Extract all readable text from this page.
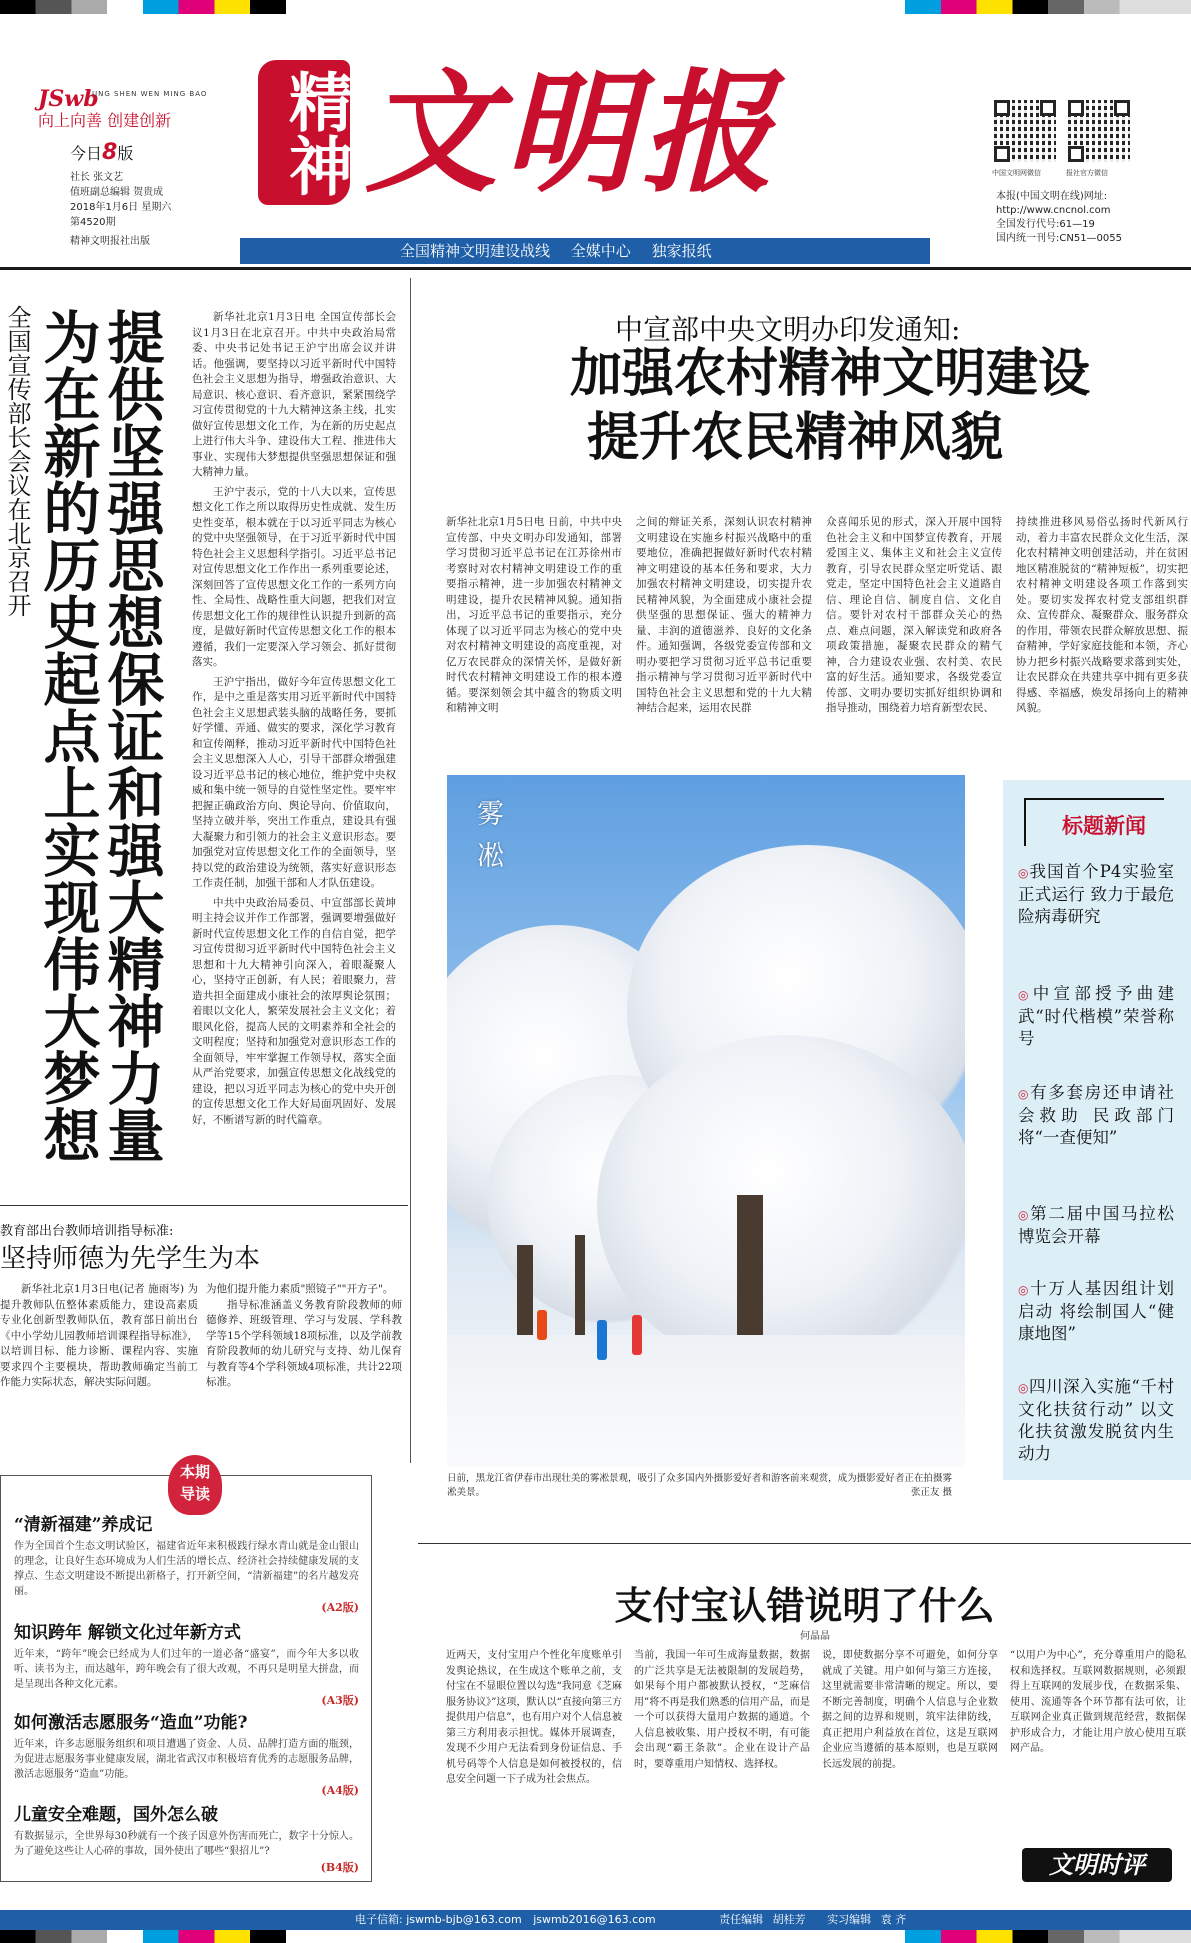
JSwb
JING SHEN WEN MING BAO
向上向善 创建创新
今日8版
社长 张文艺
值班副总编辑 贺贵成
2018年1月6日 星期六
第4520期
精神文明报社出版
精神 文明报	中国文明网微信	报社官方微信
本报(中国文明在线)网址:
http://www.cncnol.com
全国发行代号:61—19
国内统一刊号:CN51—0055
全国精神文明建设战线 全媒中心 独家报纸
全国宣传部长会议在北京召开 为在新的历史起点上实现伟大梦想
提供坚强思想保证和强大精神力量	新华社北京1月3日电 全国宣传部长会议1月3日在北京召开。中共中央政治局常委、中央书记处书记王沪宁出席会议并讲话。他强调，要坚持以习近平新时代中国特色社会主义思想为指导，增强政治意识、大局意识、核心意识、看齐意识，紧紧围绕学习宣传贯彻党的十九大精神这条主线，扎实做好宣传思想文化工作，为在新的历史起点上进行伟大斗争、建设伟大工程、推进伟大事业、实现伟大梦想提供坚强思想保证和强大精神力量。

王沪宁表示，党的十八大以来，宣传思想文化工作之所以取得历史性成就、发生历史性变革，根本就在于以习近平同志为核心的党中央坚强领导，在于习近平新时代中国特色社会主义思想科学指引。习近平总书记对宣传思想文化工作作出一系列重要论述，深刻回答了宣传思想文化工作的一系列方向性、全局性、战略性重大问题，把我们对宣传思想文化工作的规律性认识提升到新的高度，是做好新时代宣传思想文化工作的根本遵循，我们一定要深入学习领会、抓好贯彻落实。

王沪宁指出，做好今年宣传思想文化工作，是中之重是落实用习近平新时代中国特色社会主义思想武装头脑的战略任务，要抓好学懂、弄通、做实的要求，深化学习教育和宣传阐释，推动习近平新时代中国特色社会主义思想深入人心，引导干部群众增强建设习近平总书记的核心地位，维护党中央权威和集中统一领导的自觉性坚定性。要牢牢把握正确政治方向、舆论导向、价值取向，坚持立破并举，突出工作重点，建设具有强大凝聚力和引领力的社会主义意识形态。要加强党对宣传思想文化工作的全面领导，坚持以党的政治建设为统领，落实好意识形态工作责任制，加强干部和人才队伍建设。

中共中央政治局委员、中宣部部长黄坤明主持会议并作工作部署，强调要增强做好新时代宣传思想文化工作的自信自觉，把学习宣传贯彻习近平新时代中国特色社会主义思想和十九大精神引向深入，着眼凝聚人心，坚持守正创新，有人民；着眼聚力，营造共担全面建成小康社会的浓厚舆论氛围；着眼以文化人，繁荣发展社会主义文化；着眼风化俗，提高人民的文明素养和全社会的文明程度；坚持和加强党对意识形态工作的全面领导，牢牢掌握工作领导权，落实全面从严治党要求，加强宣传思想文化战线党的建设，把以习近平同志为核心的党中央开创的宣传思想文化工作大好局面巩固好、发展好，不断谱写新的时代篇章。

教育部出台教师培训指导标准:
坚持师德为先学生为本

新华社北京1月3日电(记者 施雨岑) 为提升教师队伍整体素质能力，建设高素质专业化创新型教师队伍，教育部日前出台《中小学幼儿园教师培训课程指导标准》，以培训目标、能力诊断、课程内容、实施要求四个主要模块，帮助教师确定当前工作能力实际状态，解决实际问题。

为他们提升能力素质"照镜子""开方子"。

指导标准涵盖义务教育阶段教师的师德修养、班级管理、学习与发展、学科教学等15个学科领域18项标准，以及学前教育阶段教师的幼儿研究与支持、幼儿保育与教育等4个学科领域4项标准，共计22项标准。

本期
导读
“清新福建”养成记
作为全国首个生态文明试验区，福建省近年来积极践行绿水青山就是金山银山的理念，让良好生态环境成为人们生活的增长点、经济社会持续健康发展的支撑点、生态文明建设不断提出新格子，打开新空间，“清新福建”的名片越发亮丽。
(A2版)
知识跨年 解锁文化过年新方式
近年来，“跨年”晚会已经成为人们过年的一道必备“盛宴”，而今年大多以收听、读书为主，而达越年，跨年晚会有了很大改观，不再只是明星大拼盘，而是呈现出各种文化元素。
(A3版)
如何激活志愿服务“造血”功能?
近年来，许多志愿服务组织和项目遭遇了资金、人员、品牌打造方面的瓶颈，为促进志愿服务事业健康发展，湖北省武汉市积极培育优秀的志愿服务品牌，激活志愿服务“造血”功能。
(A4版)
儿童安全难题，国外怎么破
有数据显示，全世界每30秒就有一个孩子因意外伤害而死亡，数字十分惊人。为了避免这些让人心碎的事故，国外使出了哪些“狠招儿”?
(B4版)
中宣部中央文明办印发通知:
加强农村精神文明建设
提升农民精神风貌
新华社北京1月5日电 日前，中共中央宣传部、中央文明办印发通知，部署学习贯彻习近平总书记在江苏徐州市考察时对农村精神文明建设工作的重要指示精神，进一步加强农村精神文明建设，提升农民精神风貌。通知指出，习近平总书记的重要指示，充分体现了以习近平同志为核心的党中央对农村精神文明建设的高度重视，对亿万农民群众的深情关怀，是做好新时代农村精神文明建设工作的根本遵循。要深刻领会其中蕴含的物质文明和精神文明
之间的辩证关系，深刻认识农村精神文明建设在实施乡村振兴战略中的重要地位，准确把握做好新时代农村精神文明建设的基本任务和要求，大力加强农村精神文明建设，切实提升农民精神风貌，为全面建成小康社会提供坚强的思想保证、强大的精神力量、丰润的道德滋养、良好的文化条件。通知强调，各级党委宣传部和文明办要把学习贯彻习近平总书记重要指示精神与学习贯彻习近平新时代中国特色社会主义思想和党的十九大精神结合起来，运用农民群
众喜闻乐见的形式，深入开展中国特色社会主义和中国梦宣传教育，开展爱国主义、集体主义和社会主义宣传教育，引导农民群众坚定听党话、跟党走，坚定中国特色社会主义道路自信、理论自信、制度自信、文化自信。要针对农村干部群众关心的热点、难点问题，深入解读党和政府各项政策措施，凝聚农民群众的精气神，合力建设农业强、农村美、农民富的好生活。通知要求，各级党委宣传部、文明办要切实抓好组织协调和指导推动，围绕着力培育新型农民、
持续推进移风易俗弘扬时代新风行动，着力丰富农民群众文化生活，深化农村精神文明创建活动，并在贫困地区精准脱贫的“精神短板”，切实把农村精神文明建设各项工作落到实处。要切实发挥农村党支部组织群众、宣传群众、凝聚群众、服务群众的作用，带领农民群众解放思想、振奋精神，学好家庭技能和本领，齐心协力把乡村振兴战略要求落到实处，让农民群众在共建共享中拥有更多获得感、幸福感，焕发昂扬向上的精神风貌。
雾
凇
日前，黑龙江省伊春市出现壮美的雾凇景观，吸引了众多国内外摄影爱好者和游客前来观赏，成为摄影爱好者正在拍摄雾凇美景。	张正友 摄
标题新闻
◎我国首个P4实验室正式运行 致力于最危险病毒研究
◎中宣部授予曲建武“时代楷模”荣誉称号
◎有多套房还申请社会救助 民政部门将“一查便知”
◎第二届中国马拉松博览会开幕
◎十万人基因组计划启动 将绘制国人“健康地图”
◎四川深入实施“千村文化扶贫行动” 以文化扶贫激发脱贫内生动力
支付宝认错说明了什么
何晶晶
近两天，支付宝用户个性化年度账单引发舆论热议，在生成这个账单之前，支付宝在不显眼位置以勾选“我同意《芝麻服务协议》”这项，默认以“直接向第三方提供用户信息”，也有用户对个人信息被第三方利用表示担忧。媒体开展调查，发现不少用户无法看到身份证信息、手机号码等个人信息是如何被授权的，信息安全问题一下子成为社会焦点。
当前，我国一年可生成海量数据，数据的广泛共享是无法被限制的发展趋势，如果每个用户都被默认授权，“芝麻信用”将不再是我们熟悉的信用产品，而是一个可以获得大量用户数据的通道。个人信息被收集、用户授权不明，有可能会出现“霸王条款”。企业在设计产品时，要尊重用户知情权、选择权。
说，即使数据分享不可避免，如何分享就成了关键。用户如何与第三方连接，这里就需要非常清晰的规定。所以，要不断完善制度，明确个人信息与企业数据之间的边界和规则，筑牢法律防线，真正把用户利益放在首位，这是互联网企业应当遵循的基本原则，也是互联网长远发展的前提。
“以用户为中心”，充分尊重用户的隐私权和选择权。互联网数据规则，必须跟得上互联网的发展步伐，在数据采集、使用、流通等各个环节都有法可依，让互联网企业真正做到规范经营，数据保护形成合力，才能让用户放心使用互联网产品。
文明时评
电子信箱: jswmb-bjb@163.com jswmb2016@163.com	责任编辑 胡桂芳 实习编辑 袁 齐
